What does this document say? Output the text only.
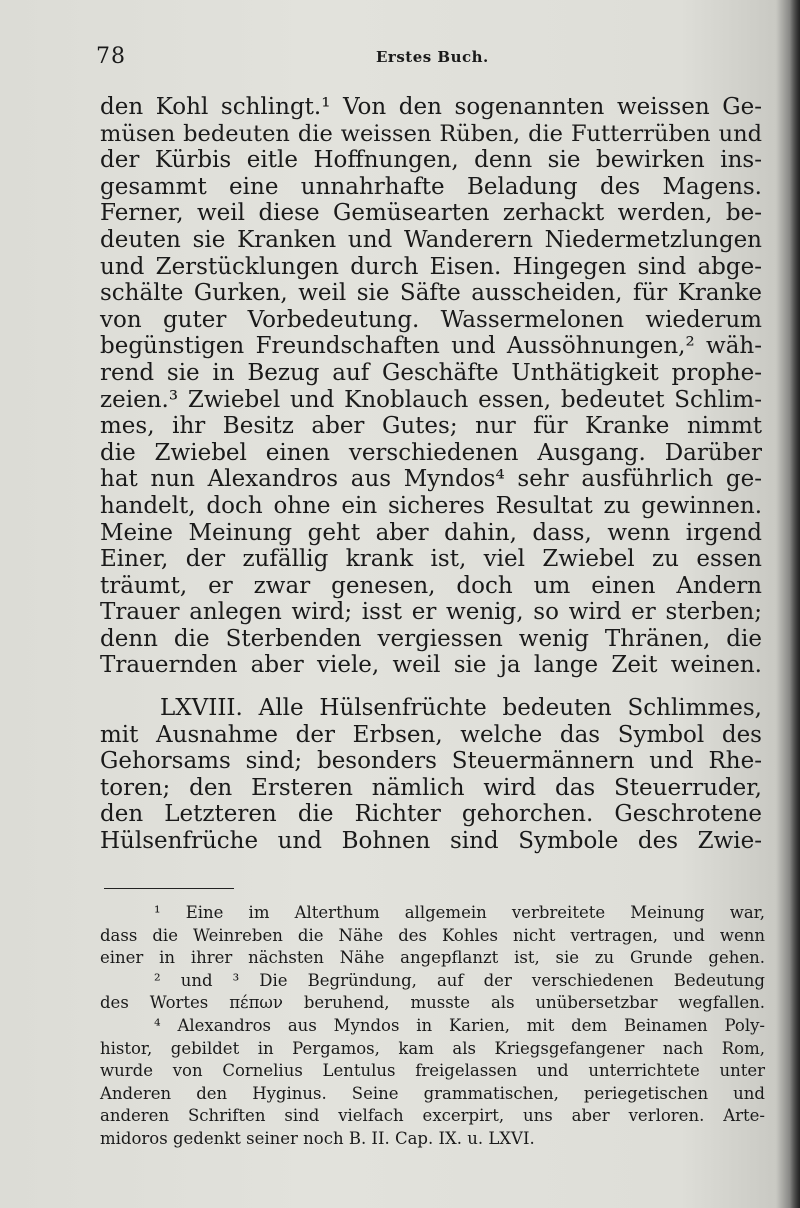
78	Erstes Buch.
den Kohl schlingt.¹ Von den sogenannten weissen Ge-
müsen bedeuten die weissen Rüben, die Futterrüben und
der Kürbis eitle Hoffnungen, denn sie bewirken ins-
gesammt eine unnahrhafte Beladung des Magens.
Ferner, weil diese Gemüsearten zerhackt werden, be-
deuten sie Kranken und Wanderern Niedermetzlungen
und Zerstücklungen durch Eisen. Hingegen sind abge-
schälte Gurken, weil sie Säfte ausscheiden, für Kranke
von guter Vorbedeutung. Wassermelonen wiederum
begünstigen Freundschaften und Aussöhnungen,² wäh-
rend sie in Bezug auf Geschäfte Unthätigkeit prophe-
zeien.³ Zwiebel und Knoblauch essen, bedeutet Schlim-
mes, ihr Besitz aber Gutes; nur für Kranke nimmt
die Zwiebel einen verschiedenen Ausgang. Darüber
hat nun Alexandros aus Myndos⁴ sehr ausführlich ge-
handelt, doch ohne ein sicheres Resultat zu gewinnen.
Meine Meinung geht aber dahin, dass, wenn irgend
Einer, der zufällig krank ist, viel Zwiebel zu essen
träumt, er zwar genesen, doch um einen Andern
Trauer anlegen wird; isst er wenig, so wird er sterben;
denn die Sterbenden vergiessen wenig Thränen, die
Trauernden aber viele, weil sie ja lange Zeit weinen.
LXVIII. Alle Hülsenfrüchte bedeuten Schlimmes,
mit Ausnahme der Erbsen, welche das Symbol des
Gehorsams sind; besonders Steuermännern und Rhe-
toren; den Ersteren nämlich wird das Steuerruder,
den Letzteren die Richter gehorchen. Geschrotene
Hülsenfrüche und Bohnen sind Symbole des Zwie-
¹ Eine im Alterthum allgemein verbreitete Meinung war,
dass die Weinreben die Nähe des Kohles nicht vertragen, und wenn
einer in ihrer nächsten Nähe angepflanzt ist, sie zu Grunde gehen.
² und ³ Die Begründung, auf der verschiedenen Bedeutung
des Wortes πέπων beruhend, musste als unübersetzbar wegfallen.
⁴ Alexandros aus Myndos in Karien, mit dem Beinamen Poly-
histor, gebildet in Pergamos, kam als Kriegsgefangener nach Rom,
wurde von Cornelius Lentulus freigelassen und unterrichtete unter
Anderen den Hyginus. Seine grammatischen, periegetischen und
anderen Schriften sind vielfach excerpirt, uns aber verloren. Arte-
midoros gedenkt seiner noch B. II. Cap. IX. u. LXVI.
